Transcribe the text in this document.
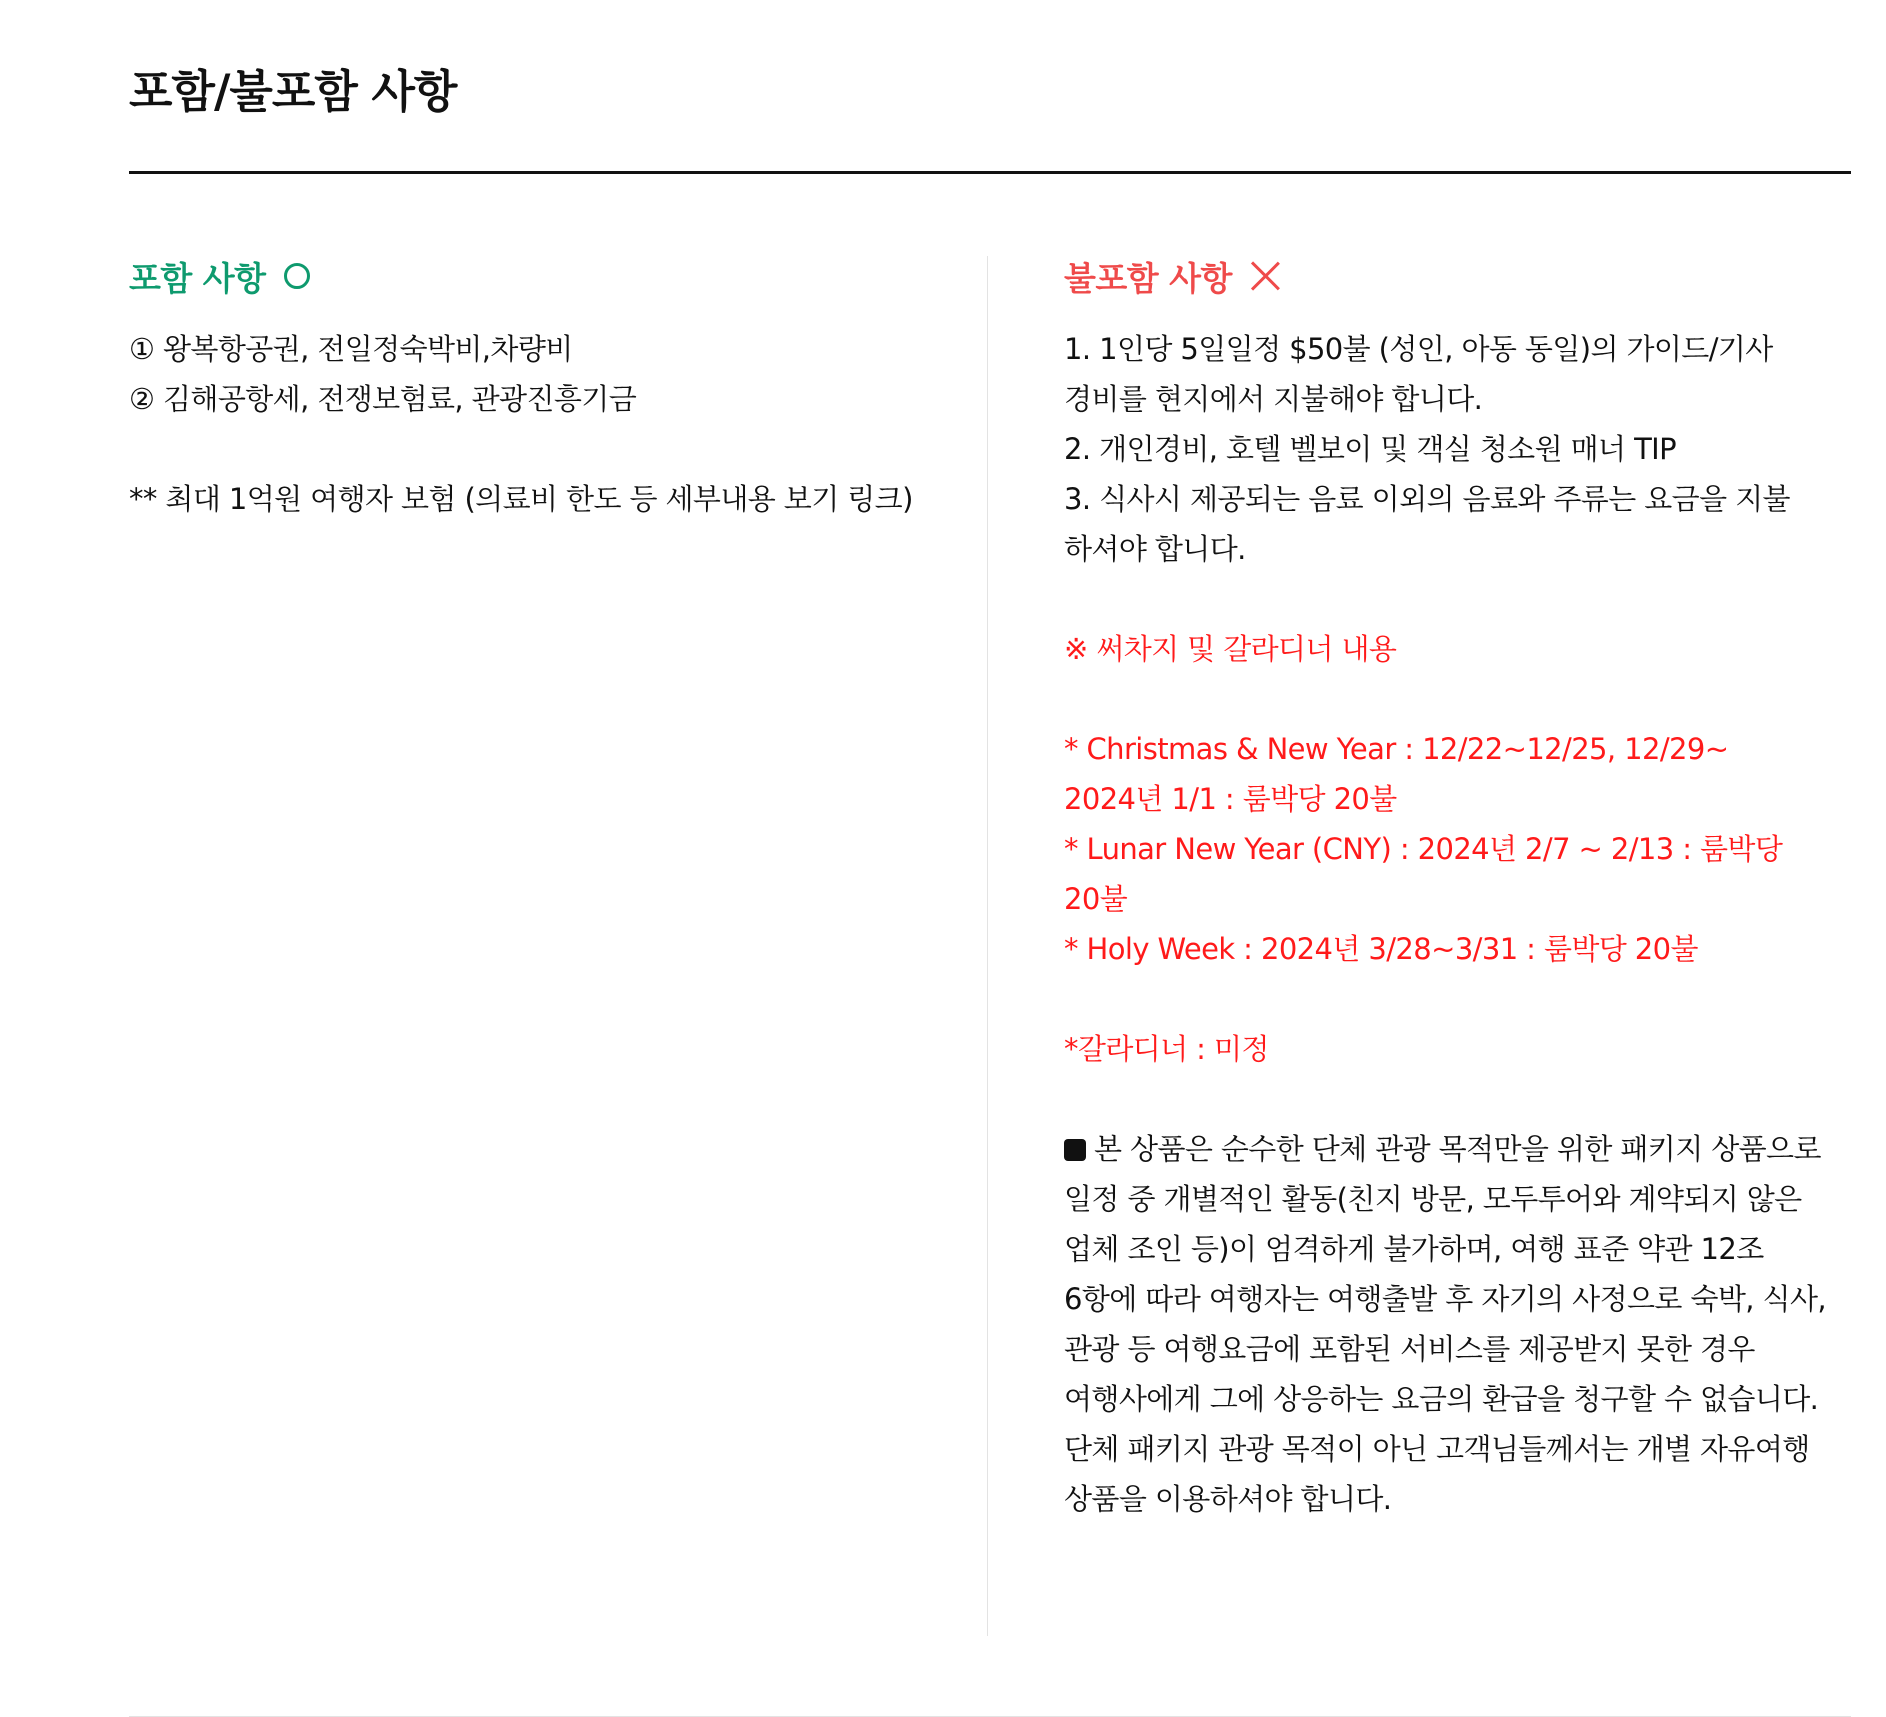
포함/불포함 사항
포함 사항

① 왕복항공권, 전일정숙박비,차량비

② 김해공항세, 전쟁보험료, 관광진흥기금

** 최대 1억원 여행자 보험 (의료비 한도 등 세부내용 보기 링크)

불포함 사항

1. 1인당 5일일정 $50불 (성인, 아동 동일)의 가이드/기사

경비를 현지에서 지불해야 합니다.

2. 개인경비, 호텔 벨보이 및 객실 청소원 매너 TIP

3. 식사시 제공되는 음료 이외의 음료와 주류는 요금을 지불

하셔야 합니다.

※ 써차지 및 갈라디너 내용

* Christmas & New Year : 12/22~12/25, 12/29~

2024년 1/1 : 룸박당 20불

* Lunar New Year (CNY) : 2024년 2/7 ~ 2/13 : 룸박당

20불

* Holy Week : 2024년 3/28~3/31 : 룸박당 20불

*갈라디너 : 미정

본 상품은 순수한 단체 관광 목적만을 위한 패키지 상품으로

일정 중 개별적인 활동(친지 방문, 모두투어와 계약되지 않은

업체 조인 등)이 엄격하게 불가하며, 여행 표준 약관 12조

6항에 따라 여행자는 여행출발 후 자기의 사정으로 숙박, 식사,

관광 등 여행요금에 포함된 서비스를 제공받지 못한 경우

여행사에게 그에 상응하는 요금의 환급을 청구할 수 없습니다.

단체 패키지 관광 목적이 아닌 고객님들께서는 개별 자유여행

상품을 이용하셔야 합니다.
